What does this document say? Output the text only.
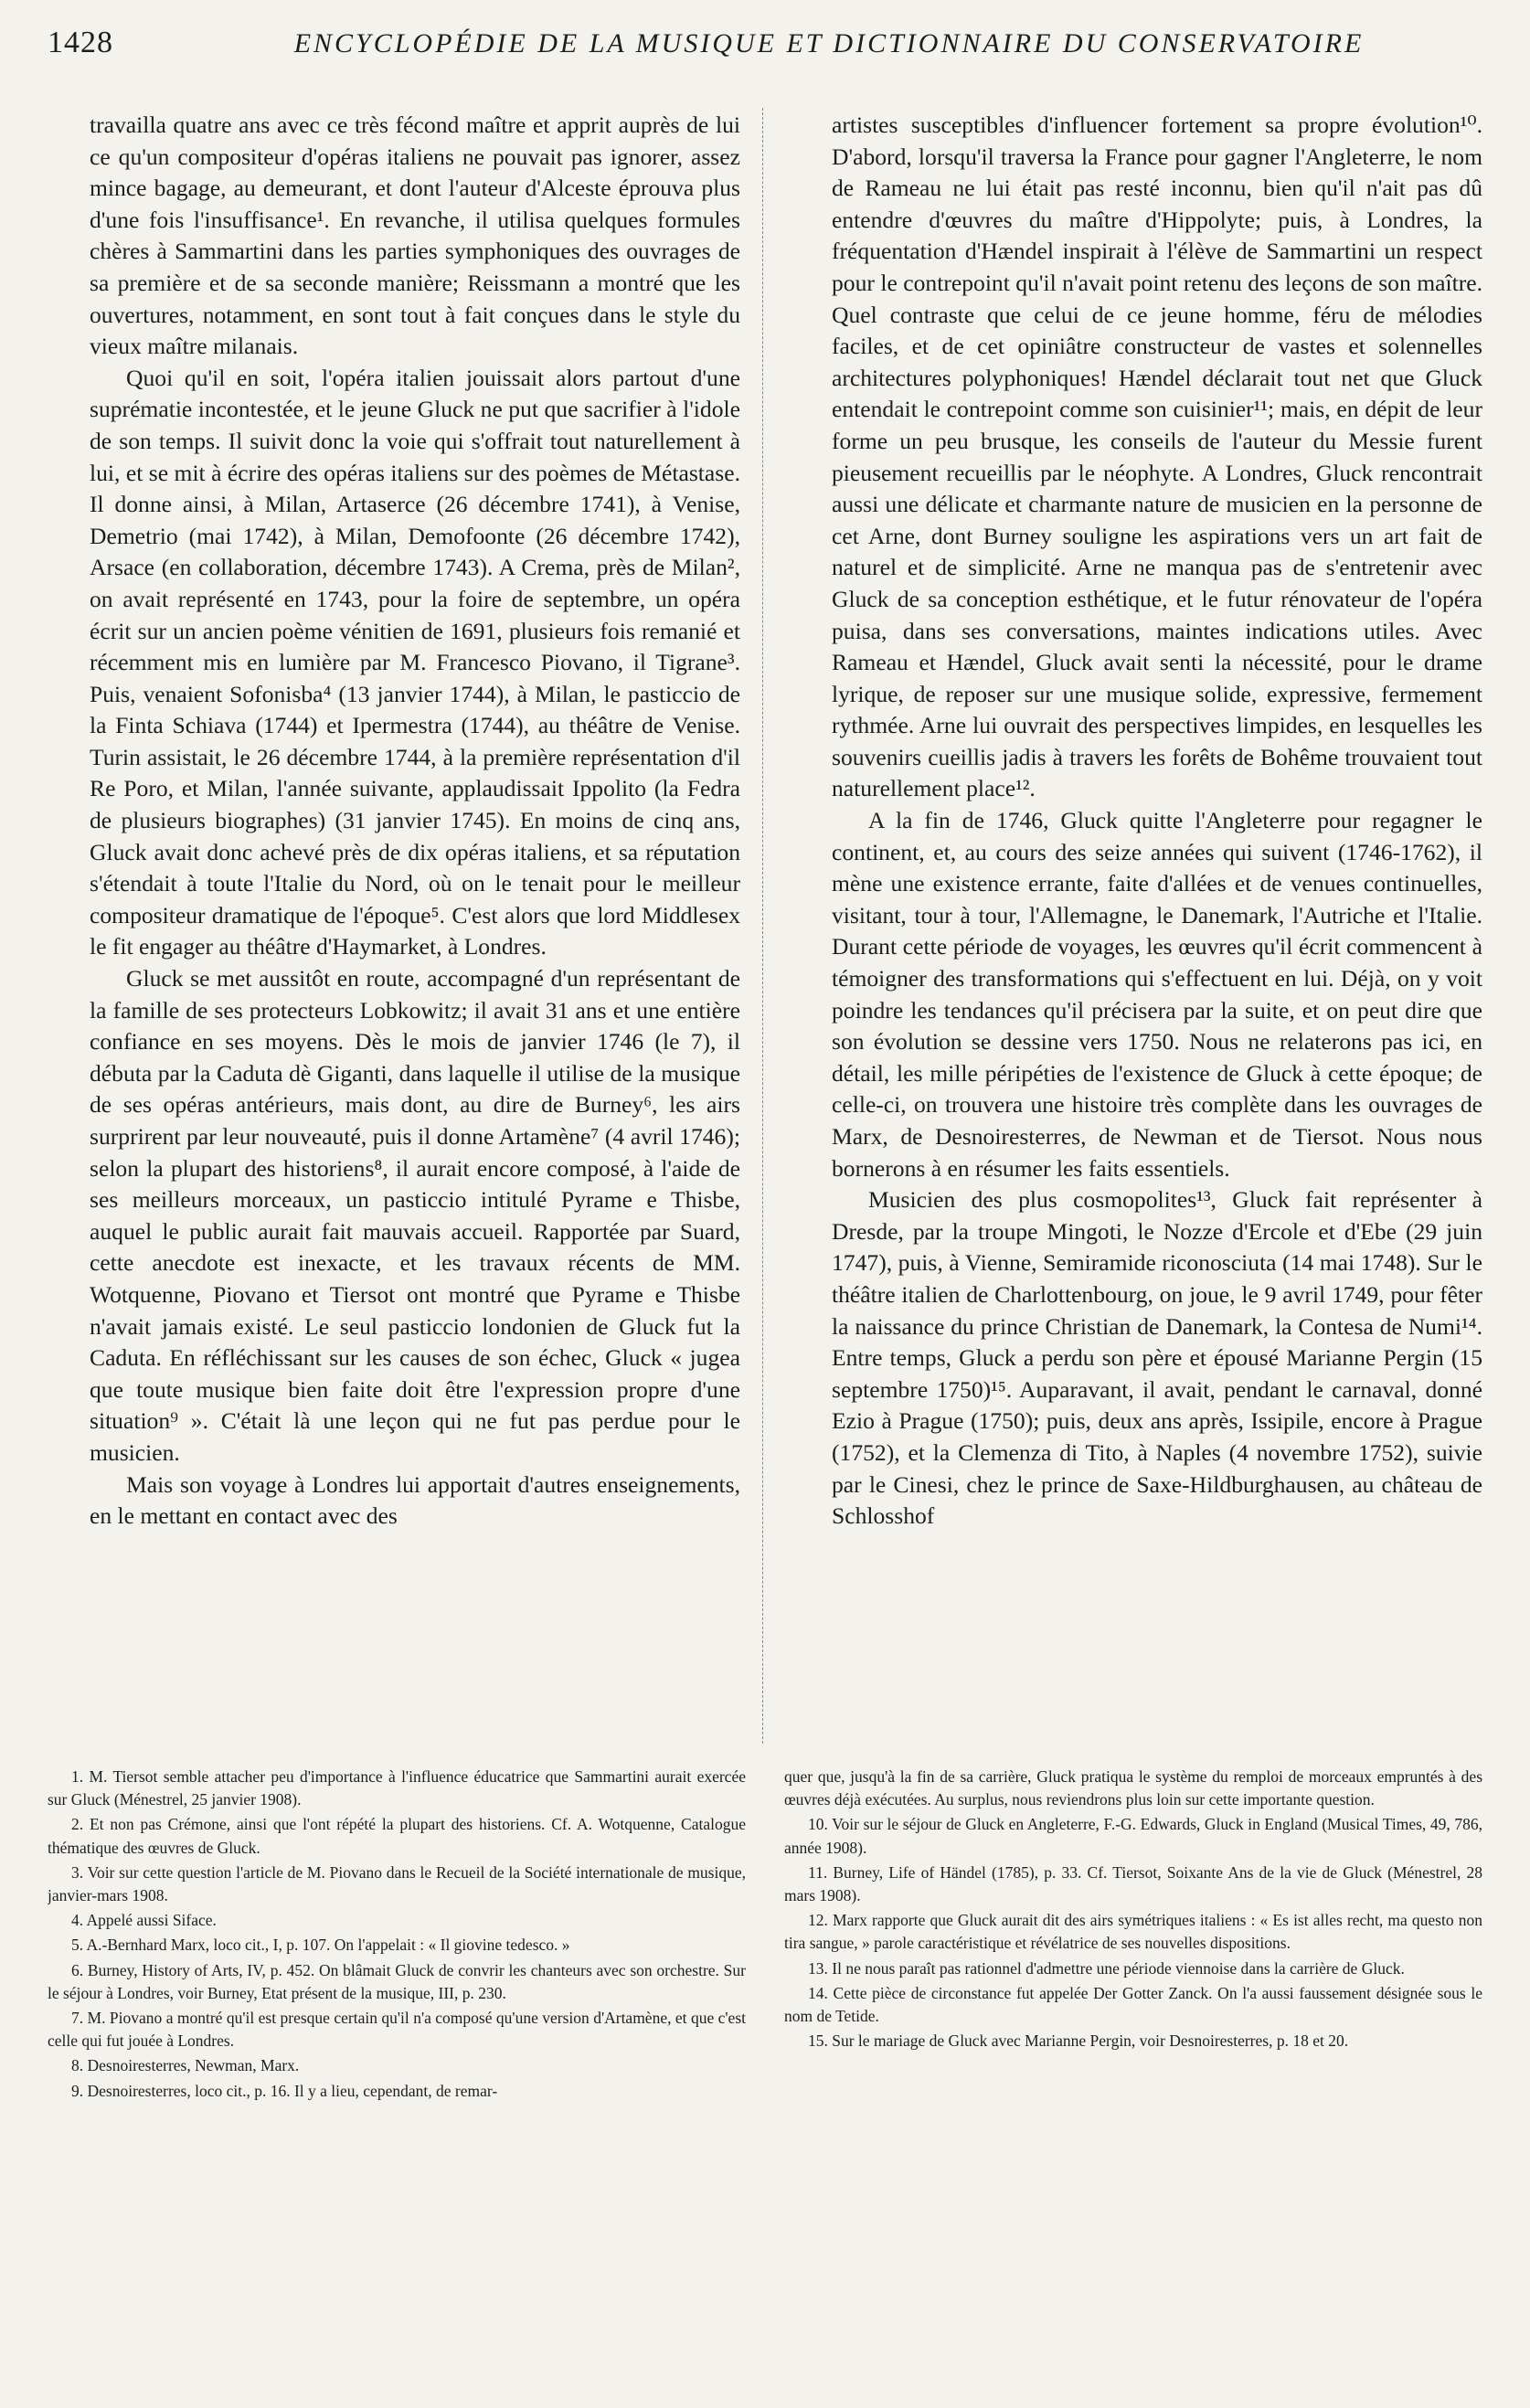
1428	ENCYCLOPÉDIE DE LA MUSIQUE ET DICTIONNAIRE DU CONSERVATOIRE

travailla quatre ans avec ce très fécond maître et apprit auprès de lui ce qu'un compositeur d'opéras italiens ne pouvait pas ignorer, assez mince bagage, au demeurant, et dont l'auteur d'Alceste éprouva plus d'une fois l'insuffisance¹. En revanche, il utilisa quelques formules chères à Sammartini dans les parties symphoniques des ouvrages de sa première et de sa seconde manière; Reissmann a montré que les ouvertures, notamment, en sont tout à fait conçues dans le style du vieux maître milanais.

Quoi qu'il en soit, l'opéra italien jouissait alors partout d'une suprématie incontestée, et le jeune Gluck ne put que sacrifier à l'idole de son temps. Il suivit donc la voie qui s'offrait tout naturellement à lui, et se mit à écrire des opéras italiens sur des poèmes de Métastase. Il donne ainsi, à Milan, Artaserce (26 décembre 1741), à Venise, Demetrio (mai 1742), à Milan, Demofoonte (26 décembre 1742), Arsace (en collaboration, décembre 1743). A Crema, près de Milan², on avait représenté en 1743, pour la foire de septembre, un opéra écrit sur un ancien poème vénitien de 1691, plusieurs fois remanié et récemment mis en lumière par M. Francesco Piovano, il Tigrane³. Puis, venaient Sofonisba⁴ (13 janvier 1744), à Milan, le pasticcio de la Finta Schiava (1744) et Ipermestra (1744), au théâtre de Venise. Turin assistait, le 26 décembre 1744, à la première représentation d'il Re Poro, et Milan, l'année suivante, applaudissait Ippolito (la Fedra de plusieurs biographes) (31 janvier 1745). En moins de cinq ans, Gluck avait donc achevé près de dix opéras italiens, et sa réputation s'étendait à toute l'Italie du Nord, où on le tenait pour le meilleur compositeur dramatique de l'époque⁵. C'est alors que lord Middlesex le fit engager au théâtre d'Haymarket, à Londres.

Gluck se met aussitôt en route, accompagné d'un représentant de la famille de ses protecteurs Lobkowitz; il avait 31 ans et une entière confiance en ses moyens. Dès le mois de janvier 1746 (le 7), il débuta par la Caduta dè Giganti, dans laquelle il utilise de la musique de ses opéras antérieurs, mais dont, au dire de Burney⁶, les airs surprirent par leur nouveauté, puis il donne Artamène⁷ (4 avril 1746); selon la plupart des historiens⁸, il aurait encore composé, à l'aide de ses meilleurs morceaux, un pasticcio intitulé Pyrame e Thisbe, auquel le public aurait fait mauvais accueil. Rapportée par Suard, cette anecdote est inexacte, et les travaux récents de MM. Wotquenne, Piovano et Tiersot ont montré que Pyrame e Thisbe n'avait jamais existé. Le seul pasticcio londonien de Gluck fut la Caduta. En réfléchissant sur les causes de son échec, Gluck « jugea que toute musique bien faite doit être l'expression propre d'une situation⁹ ». C'était là une leçon qui ne fut pas perdue pour le musicien.

Mais son voyage à Londres lui apportait d'autres enseignements, en le mettant en contact avec des

artistes susceptibles d'influencer fortement sa propre évolution¹⁰. D'abord, lorsqu'il traversa la France pour gagner l'Angleterre, le nom de Rameau ne lui était pas resté inconnu, bien qu'il n'ait pas dû entendre d'œuvres du maître d'Hippolyte; puis, à Londres, la fréquentation d'Hændel inspirait à l'élève de Sammartini un respect pour le contrepoint qu'il n'avait point retenu des leçons de son maître. Quel contraste que celui de ce jeune homme, féru de mélodies faciles, et de cet opiniâtre constructeur de vastes et solennelles architectures polyphoniques! Hændel déclarait tout net que Gluck entendait le contrepoint comme son cuisinier¹¹; mais, en dépit de leur forme un peu brusque, les conseils de l'auteur du Messie furent pieusement recueillis par le néophyte. A Londres, Gluck rencontrait aussi une délicate et charmante nature de musicien en la personne de cet Arne, dont Burney souligne les aspirations vers un art fait de naturel et de simplicité. Arne ne manqua pas de s'entretenir avec Gluck de sa conception esthétique, et le futur rénovateur de l'opéra puisa, dans ses conversations, maintes indications utiles. Avec Rameau et Hændel, Gluck avait senti la nécessité, pour le drame lyrique, de reposer sur une musique solide, expressive, fermement rythmée. Arne lui ouvrait des perspectives limpides, en lesquelles les souvenirs cueillis jadis à travers les forêts de Bohême trouvaient tout naturellement place¹².

A la fin de 1746, Gluck quitte l'Angleterre pour regagner le continent, et, au cours des seize années qui suivent (1746-1762), il mène une existence errante, faite d'allées et de venues continuelles, visitant, tour à tour, l'Allemagne, le Danemark, l'Autriche et l'Italie. Durant cette période de voyages, les œuvres qu'il écrit commencent à témoigner des transformations qui s'effectuent en lui. Déjà, on y voit poindre les tendances qu'il précisera par la suite, et on peut dire que son évolution se dessine vers 1750. Nous ne relaterons pas ici, en détail, les mille péripéties de l'existence de Gluck à cette époque; de celle-ci, on trouvera une histoire très complète dans les ouvrages de Marx, de Desnoiresterres, de Newman et de Tiersot. Nous nous bornerons à en résumer les faits essentiels.

Musicien des plus cosmopolites¹³, Gluck fait représenter à Dresde, par la troupe Mingoti, le Nozze d'Ercole et d'Ebe (29 juin 1747), puis, à Vienne, Semiramide riconosciuta (14 mai 1748). Sur le théâtre italien de Charlottenbourg, on joue, le 9 avril 1749, pour fêter la naissance du prince Christian de Danemark, la Contesa de Numi¹⁴. Entre temps, Gluck a perdu son père et épousé Marianne Pergin (15 septembre 1750)¹⁵. Auparavant, il avait, pendant le carnaval, donné Ezio à Prague (1750); puis, deux ans après, Issipile, encore à Prague (1752), et la Clemenza di Tito, à Naples (4 novembre 1752), suivie par le Cinesi, chez le prince de Saxe-Hildburghausen, au château de Schlosshof

1. M. Tiersot semble attacher peu d'importance à l'influence éducatrice que Sammartini aurait exercée sur Gluck (Ménestrel, 25 janvier 1908).

2. Et non pas Crémone, ainsi que l'ont répété la plupart des historiens. Cf. A. Wotquenne, Catalogue thématique des œuvres de Gluck.

3. Voir sur cette question l'article de M. Piovano dans le Recueil de la Société internationale de musique, janvier-mars 1908.

4. Appelé aussi Siface.

5. A.-Bernhard Marx, loco cit., I, p. 107. On l'appelait : « Il giovine tedesco. »

6. Burney, History of Arts, IV, p. 452. On blâmait Gluck de convrir les chanteurs avec son orchestre. Sur le séjour à Londres, voir Burney, Etat présent de la musique, III, p. 230.

7. M. Piovano a montré qu'il est presque certain qu'il n'a composé qu'une version d'Artamène, et que c'est celle qui fut jouée à Londres.

8. Desnoiresterres, Newman, Marx.

9. Desnoiresterres, loco cit., p. 16. Il y a lieu, cependant, de remar-

quer que, jusqu'à la fin de sa carrière, Gluck pratiqua le système du remploi de morceaux empruntés à des œuvres déjà exécutées. Au surplus, nous reviendrons plus loin sur cette importante question.

10. Voir sur le séjour de Gluck en Angleterre, F.-G. Edwards, Gluck in England (Musical Times, 49, 786, année 1908).

11. Burney, Life of Händel (1785), p. 33. Cf. Tiersot, Soixante Ans de la vie de Gluck (Ménestrel, 28 mars 1908).

12. Marx rapporte que Gluck aurait dit des airs symétriques italiens : « Es ist alles recht, ma questo non tira sangue, » parole caractéristique et révélatrice de ses nouvelles dispositions.

13. Il ne nous paraît pas rationnel d'admettre une période viennoise dans la carrière de Gluck.

14. Cette pièce de circonstance fut appelée Der Gotter Zanck. On l'a aussi faussement désignée sous le nom de Tetide.

15. Sur le mariage de Gluck avec Marianne Pergin, voir Desnoiresterres, p. 18 et 20.
